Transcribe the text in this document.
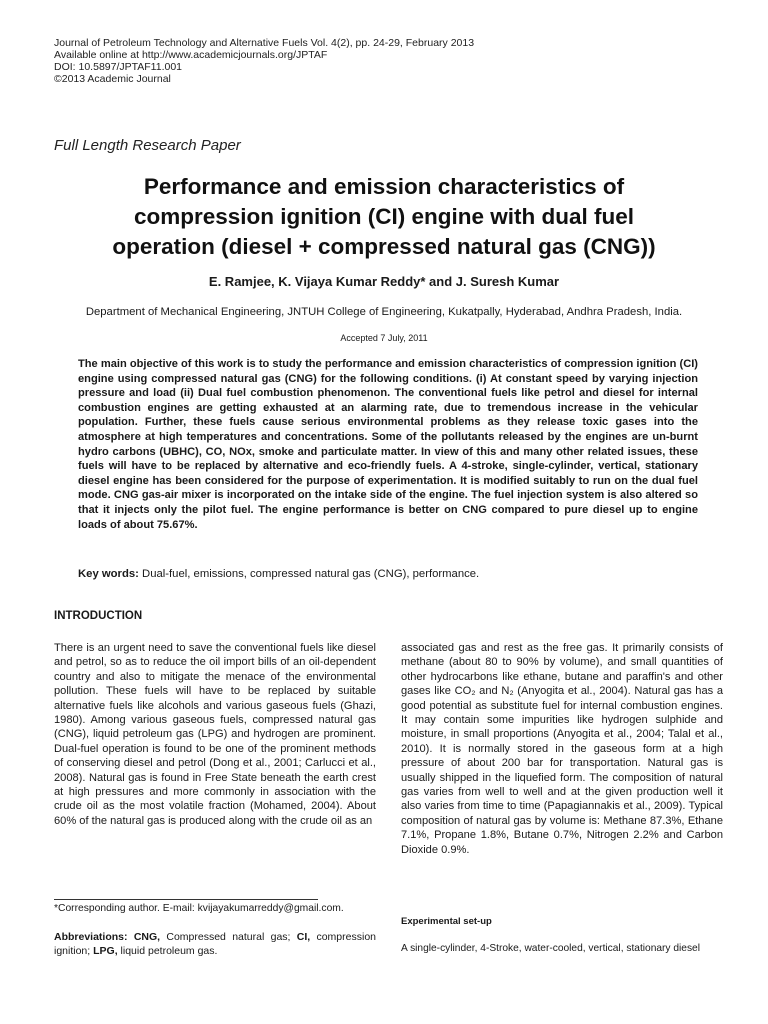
Journal of Petroleum Technology and Alternative Fuels Vol. 4(2), pp. 24-29, February 2013
Available online at http://www.academicjournals.org/JPTAF
DOI: 10.5897/JPTAF11.001
©2013 Academic Journal
Full Length Research Paper
Performance and emission characteristics of
compression ignition (CI) engine with dual fuel
operation (diesel + compressed natural gas (CNG))
E. Ramjee, K. Vijaya Kumar Reddy* and J. Suresh Kumar
Department of Mechanical Engineering, JNTUH College of Engineering, Kukatpally, Hyderabad, Andhra Pradesh, India.
Accepted 7 July, 2011
The main objective of this work is to study the performance and emission characteristics of compression ignition (CI) engine using compressed natural gas (CNG) for the following conditions. (i) At constant speed by varying injection pressure and load (ii) Dual fuel combustion phenomenon. The conventional fuels like petrol and diesel for internal combustion engines are getting exhausted at an alarming rate, due to tremendous increase in the vehicular population. Further, these fuels cause serious environmental problems as they release toxic gases into the atmosphere at high temperatures and concentrations. Some of the pollutants released by the engines are un-burnt hydro carbons (UBHC), CO, NOx, smoke and particulate matter. In view of this and many other related issues, these fuels will have to be replaced by alternative and eco-friendly fuels. A 4-stroke, single-cylinder, vertical, stationary diesel engine has been considered for the purpose of experimentation. It is modified suitably to run on the dual fuel mode. CNG gas-air mixer is incorporated on the intake side of the engine. The fuel injection system is also altered so that it injects only the pilot fuel. The engine performance is better on CNG compared to pure diesel up to engine loads of about 75.67%.
Key words: Dual-fuel, emissions, compressed natural gas (CNG), performance.
INTRODUCTION
There is an urgent need to save the conventional fuels like diesel and petrol, so as to reduce the oil import bills of an oil-dependent country and also to mitigate the menace of the environmental pollution. These fuels will have to be replaced by suitable alternative fuels like alcohols and various gaseous fuels (Ghazi, 1980). Among various gaseous fuels, compressed natural gas (CNG), liquid petroleum gas (LPG) and hydrogen are prominent. Dual-fuel operation is found to be one of the prominent methods of conserving diesel and petrol (Dong et al., 2001; Carlucci et al., 2008). Natural gas is found in Free State beneath the earth crest at high pressures and more commonly in association with the crude oil as the most volatile fraction (Mohamed, 2004). About 60% of the natural gas is produced along with the crude oil as an
associated gas and rest as the free gas. It primarily consists of methane (about 80 to 90% by volume), and small quantities of other hydrocarbons like ethane, butane and paraffin's and other gases like CO₂ and N₂ (Anyogita et al., 2004). Natural gas has a good potential as substitute fuel for internal combustion engines. It may contain some impurities like hydrogen sulphide and moisture, in small proportions (Anyogita et al., 2004; Talal et al., 2010). It is normally stored in the gaseous form at a high pressure of about 200 bar for transportation. Natural gas is usually shipped in the liquefied form. The composition of natural gas varies from well to well and at the given production well it also varies from time to time (Papagiannakis et al., 2009). Typical composition of natural gas by volume is: Methane 87.3%, Ethane 7.1%, Propane 1.8%, Butane 0.7%, Nitrogen 2.2% and Carbon Dioxide 0.9%.
*Corresponding author. E-mail: kvijayakumarreddy@gmail.com.
Abbreviations: CNG, Compressed natural gas; CI, compression ignition; LPG, liquid petroleum gas.
Experimental set-up
A single-cylinder, 4-Stroke, water-cooled, vertical, stationary diesel
